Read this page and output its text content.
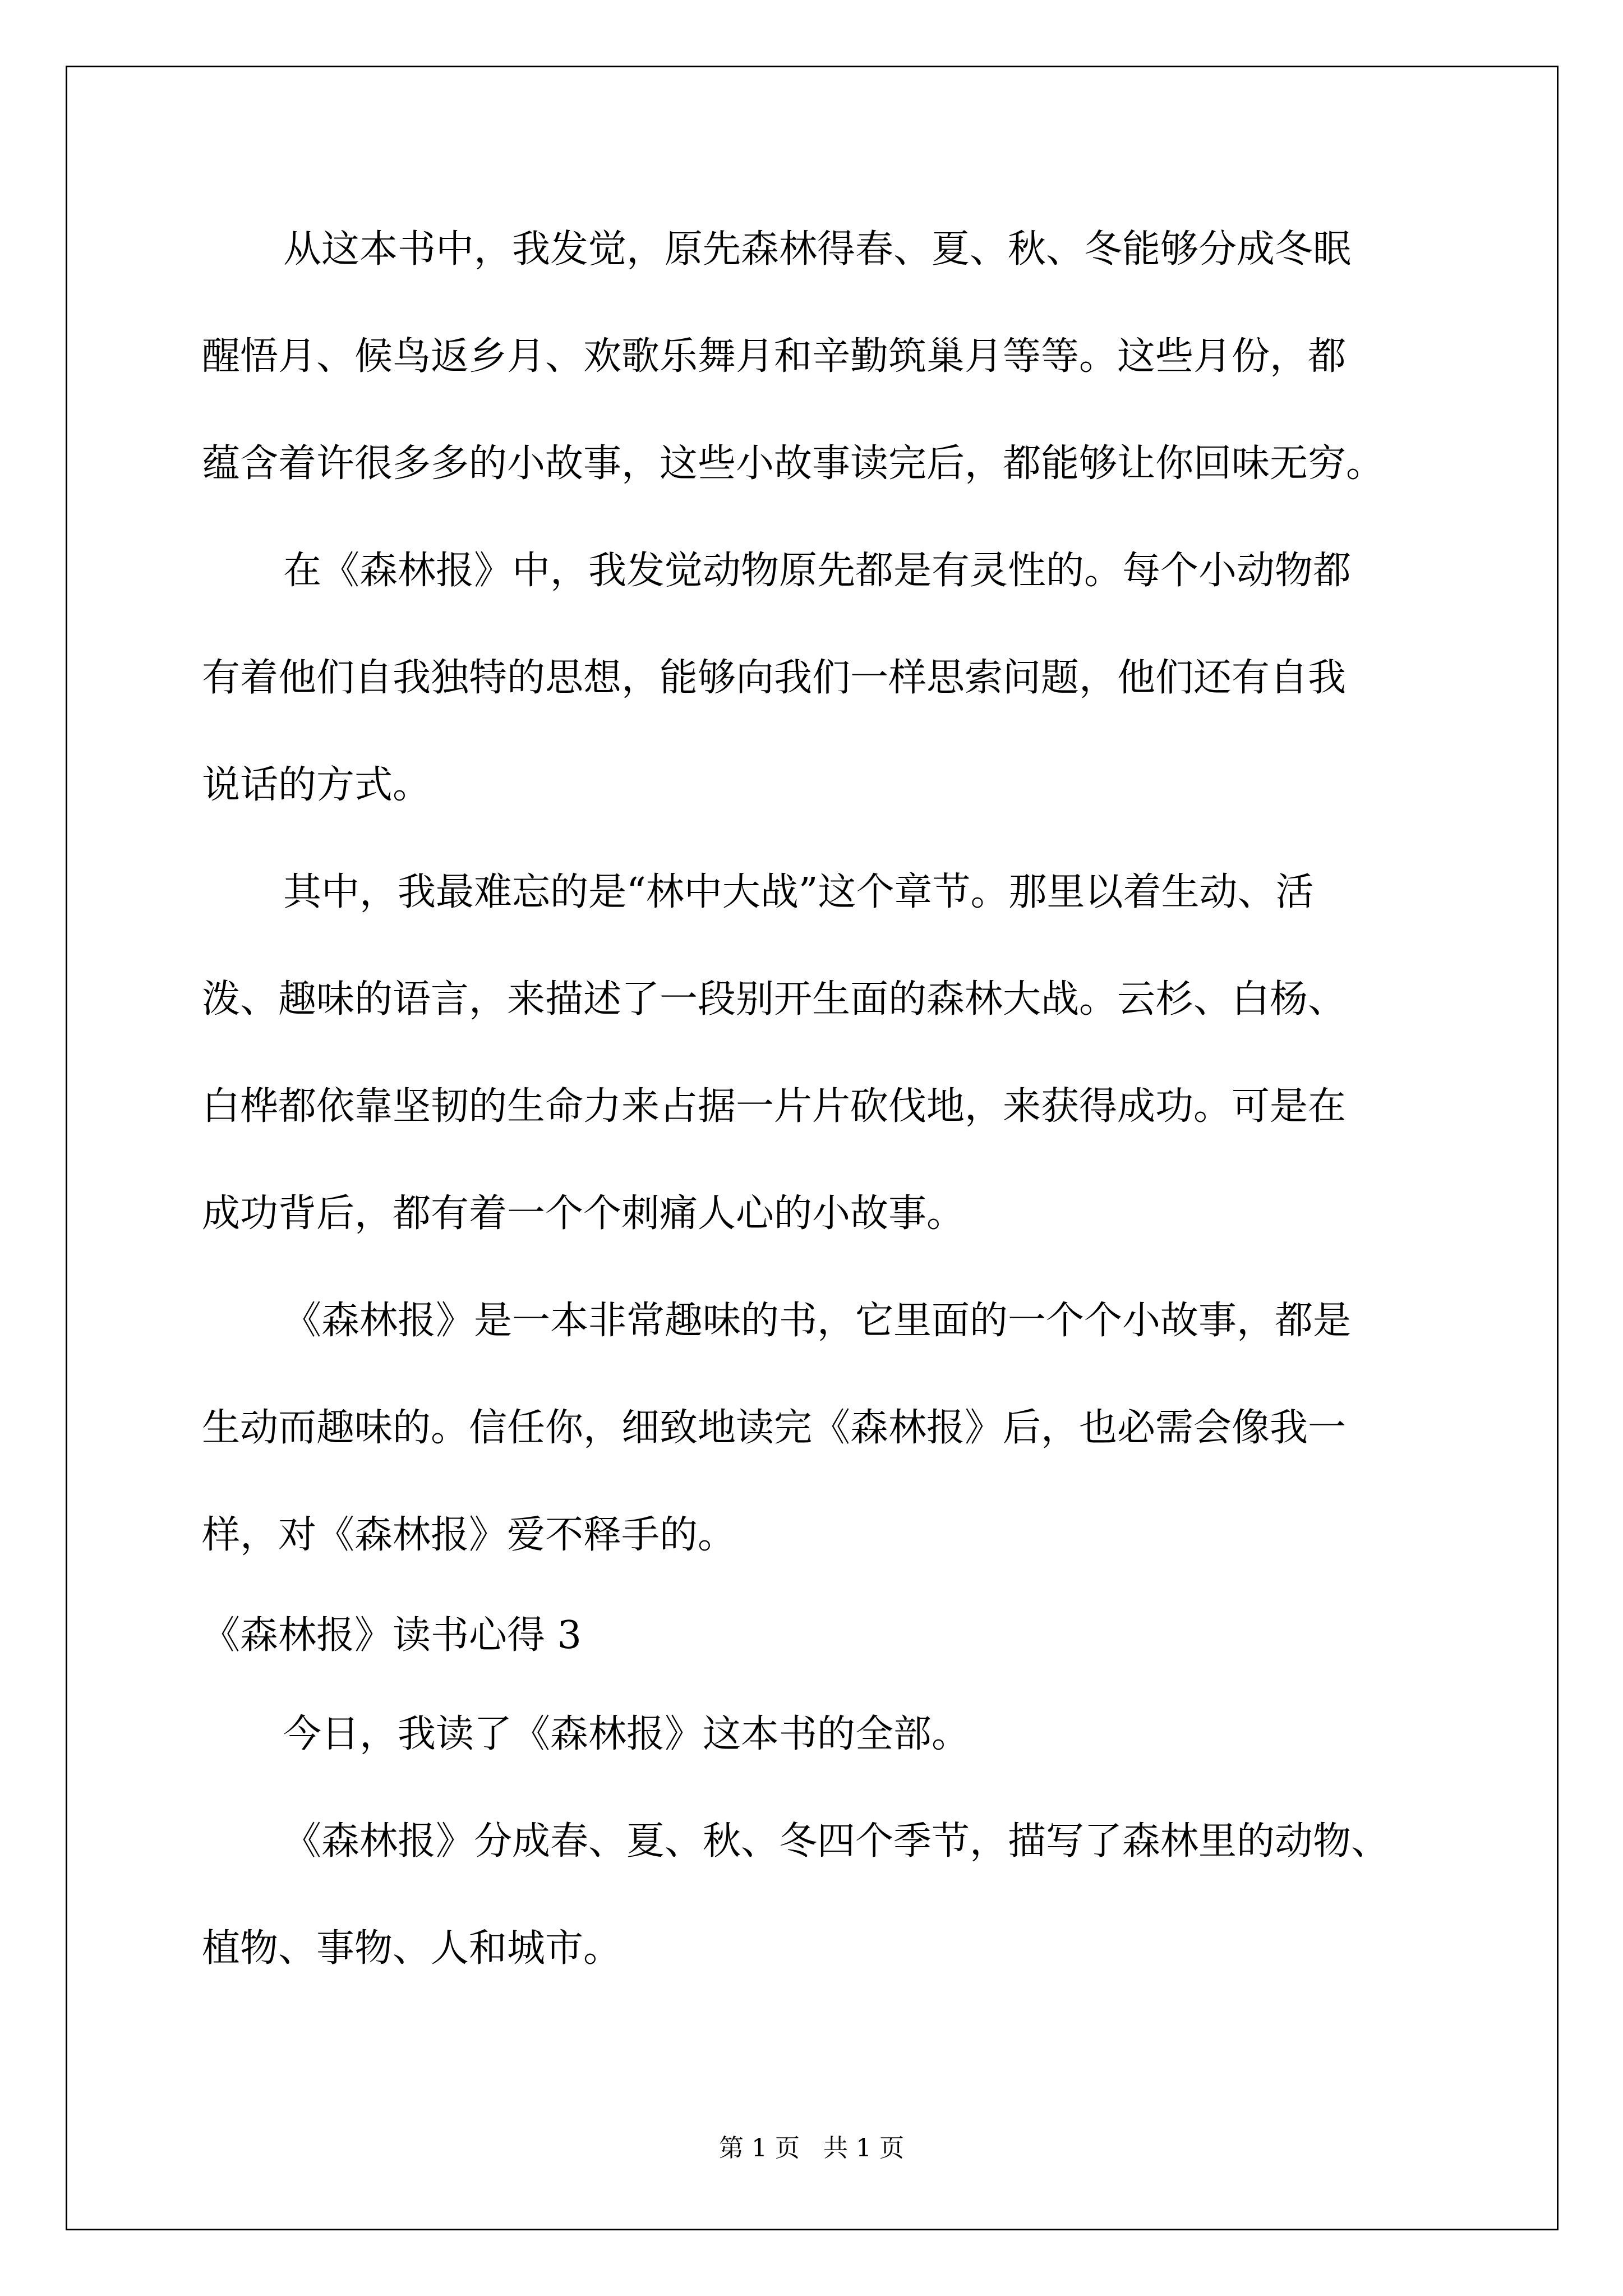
从这本书中，我发觉，原先森林得春、夏、秋、冬能够分成冬眠

醒悟月、候鸟返乡月、欢歌乐舞月和辛勤筑巢月等等。这些月份，都

蕴含着许很多多的小故事，这些小故事读完后，都能够让你回味无穷。

在《森林报》中，我发觉动物原先都是有灵性的。每个小动物都

有着他们自我独特的思想，能够向我们一样思索问题，他们还有自我

说话的方式。

其中，我最难忘的是“林中大战”这个章节。那里以着生动、活

泼、趣味的语言，来描述了一段别开生面的森林大战。云杉、白杨、

白桦都依靠坚韧的生命力来占据一片片砍伐地，来获得成功。可是在

成功背后，都有着一个个刺痛人心的小故事。

《森林报》是一本非常趣味的书，它里面的一个个小故事，都是

生动而趣味的。信任你，细致地读完《森林报》后，也必需会像我一

样，对《森林报》爱不释手的。

《森林报》读书心得 3

今日，我读了《森林报》这本书的全部。

《森林报》分成春、夏、秋、冬四个季节，描写了森林里的动物、

植物、事物、人和城市。

第 1 页   共 1 页
